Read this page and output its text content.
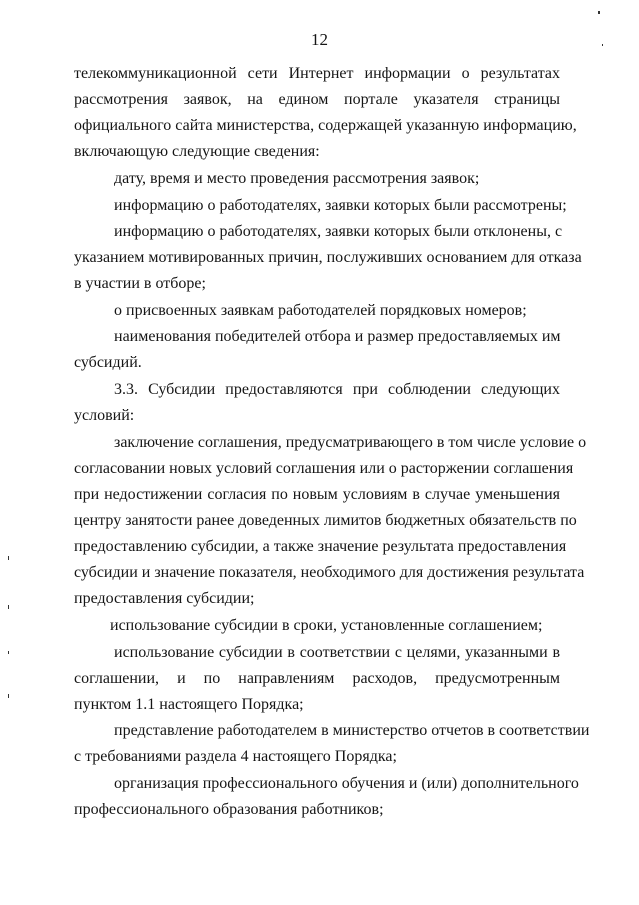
12
телекоммуникационной сети Интернет информации о результатах
рассмотрения заявок, на едином портале указателя страницы
официального сайта министерства, содержащей указанную информацию,
включающую следующие сведения:
дату, время и место проведения рассмотрения заявок;
информацию о работодателях, заявки которых были рассмотрены;
информацию о работодателях, заявки которых были отклонены, с
указанием мотивированных причин, послуживших основанием для отказа
в участии в отборе;
о присвоенных заявкам работодателей порядковых номеров;
наименования победителей отбора и размер предоставляемых им
субсидий.
3.3. Субсидии предоставляются при соблюдении следующих
условий:
заключение соглашения, предусматривающего в том числе условие о
согласовании новых условий соглашения или о расторжении соглашения
при недостижении согласия по новым условиям в случае уменьшения
центру занятости ранее доведенных лимитов бюджетных обязательств по
предоставлению субсидии, а также значение результата предоставления
субсидии и значение показателя, необходимого для достижения результата
предоставления субсидии;
использование субсидии в сроки, установленные соглашением;
использование субсидии в соответствии с целями, указанными в
соглашении, и по направлениям расходов, предусмотренным
пунктом 1.1 настоящего Порядка;
представление работодателем в министерство отчетов в соответствии
с требованиями раздела 4 настоящего Порядка;
организация профессионального обучения и (или) дополнительного
профессионального образования работников;
